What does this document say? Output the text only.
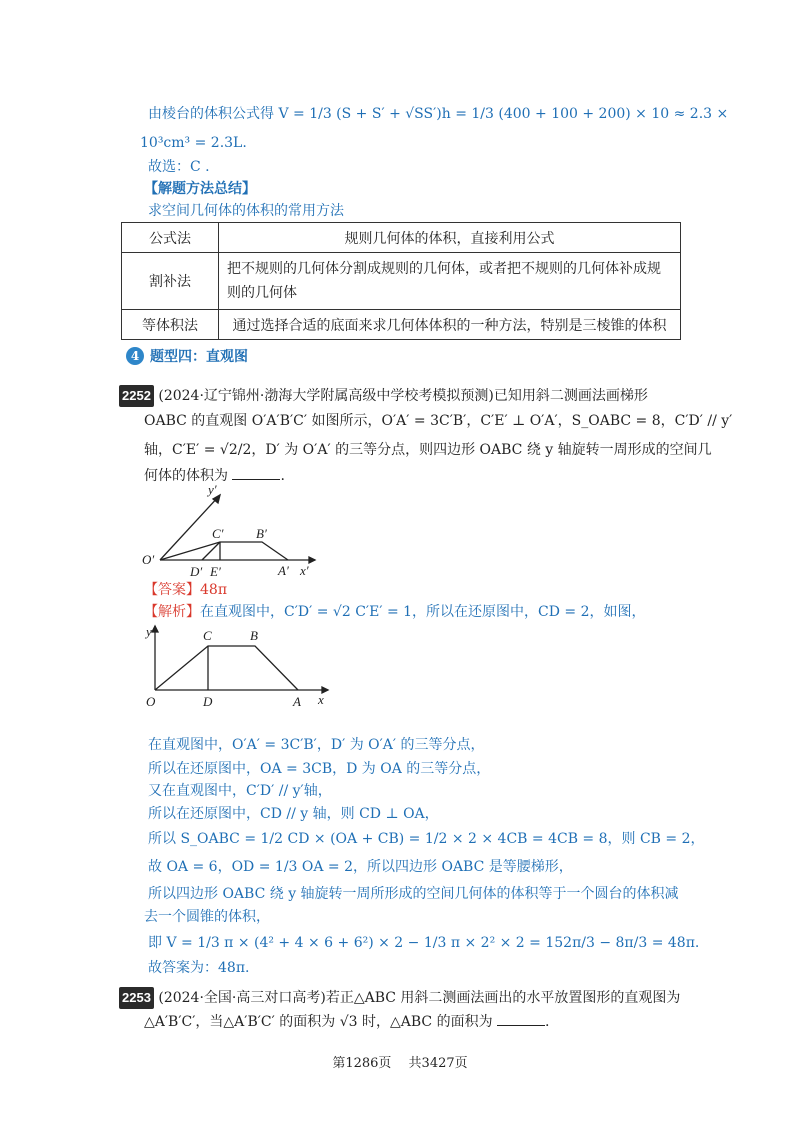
由棱台的体积公式得 V = 1/3 (S + S′ + √SS′)h = 1/3 (400 + 100 + 200) × 10 ≈ 2.3 ×
10³cm³ = 2.3L.
故选：C .
【解题方法总结】
求空间几何体的体积的常用方法
公式法	规则几何体的体积，直接利用公式
割补法	把不规则的几何体分割成规则的几何体，或者把不规则的几何体补成规则的几何体
等体积法	通过选择合适的底面来求几何体体积的一种方法，特别是三棱锥的体积
4 题型四：直观图
2252 (2024·辽宁锦州·渤海大学附属高级中学校考模拟预测)已知用斜二测画法画梯形
OABC 的直观图 O′A′B′C′ 如图所示，O′A′ = 3C′B′，C′E′ ⊥ O′A′，S_OABC = 8，C′D′ // y′
轴，C′E′ = √2/2，D′ 为 O′A′ 的三等分点，则四边形 OABC 绕 y 轴旋转一周形成的空间几
何体的体积为	.
y′
x′
O′
C′ B′
D′ E′	A′
【答案】48π
【解析】在直观图中，C′D′ = √2 C′E′ = 1，所以在还原图中，CD = 2，如图，
y
x
O
C	B
D	A
在直观图中，O′A′ = 3C′B′，D′ 为 O′A′ 的三等分点，
所以在还原图中，OA = 3CB，D 为 OA 的三等分点，
又在直观图中，C′D′ // y′轴，
所以在还原图中，CD // y 轴，则 CD ⊥ OA，
所以 S_OABC = 1/2 CD × (OA + CB) = 1/2 × 2 × 4CB = 4CB = 8，则 CB = 2，
故 OA = 6，OD = 1/3 OA = 2，所以四边形 OABC 是等腰梯形，
所以四边形 OABC 绕 y 轴旋转一周所形成的空间几何体的体积等于一个圆台的体积减
去一个圆锥的体积，
即 V = 1/3 π × (4² + 4 × 6 + 6²) × 2 − 1/3 π × 2² × 2 = 152π/3 − 8π/3 = 48π.
故答案为：48π.
2253 (2024·全国·高三对口高考)若正△ABC 用斜二测画法画出的水平放置图形的直观图为
△A′B′C′，当△A′B′C′ 的面积为 √3 时，△ABC 的面积为	.
第1286页　 共3427页
